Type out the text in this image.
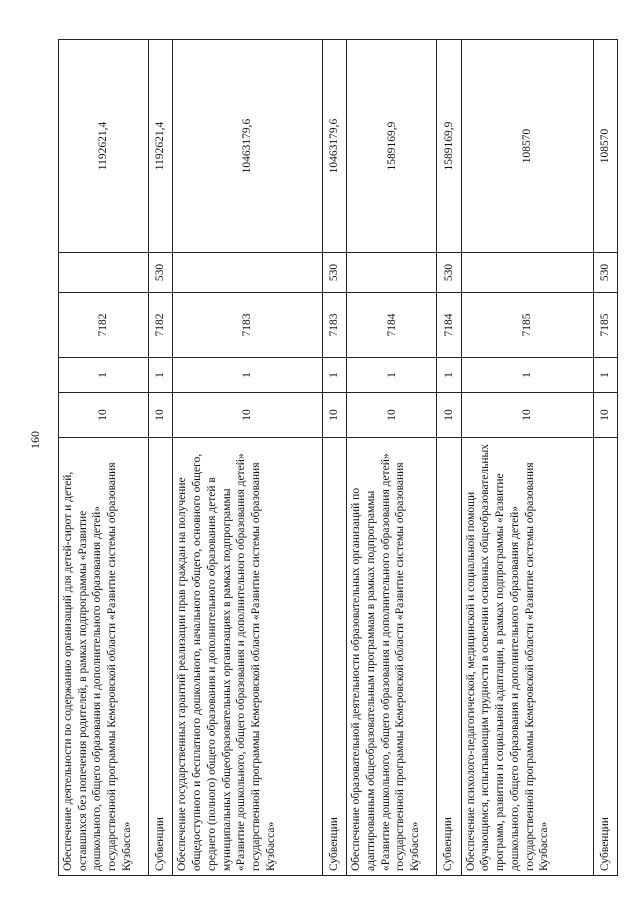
160
Обеспечение деятельности по содержанию организаций для детей-сирот и детей, оставшихся без попечения родителей, в рамках подпрограммы «Развитие дошкольного, общего образования и дополнительного образования детей» государственной программы Кемеровской области «Развитие системы образования Кузбасса»	10	1	7182		1192621,4
Субвенции	10	1	7182	530	1192621,4
Обеспечение государственных гарантий реализации прав граждан на получение общедоступного и бесплатного дошкольного, начального общего, основного общего, среднего (полного) общего образования и дополнительного образования детей в муниципальных общеобразовательных организациях в рамках подпрограммы «Развитие дошкольного, общего образования и дополнительного образования детей» государственной программы Кемеровской области «Развитие системы образования Кузбасса»	10	1	7183		10463179,6
Субвенции	10	1	7183	530	10463179,6
Обеспечение образовательной деятельности образовательных организаций по адаптированным общеобразовательным программам в рамках подпрограммы «Развитие дошкольного, общего образования и дополнительного образования детей» государственной программы Кемеровской области «Развитие системы образования Кузбасса»	10	1	7184		1589169,9
Субвенции	10	1	7184	530	1589169,9
Обеспечение психолого-педагогической, медицинской и социальной помощи обучающимся, испытывающим трудности в освоении основных общеобразовательных программ, развитии и социальной адаптации, в рамках подпрограммы «Развитие дошкольного, общего образования и дополнительного образования детей» государственной программы Кемеровской области «Развитие системы образования Кузбасса»	10	1	7185		108570
Субвенции	10	1	7185	530	108570
